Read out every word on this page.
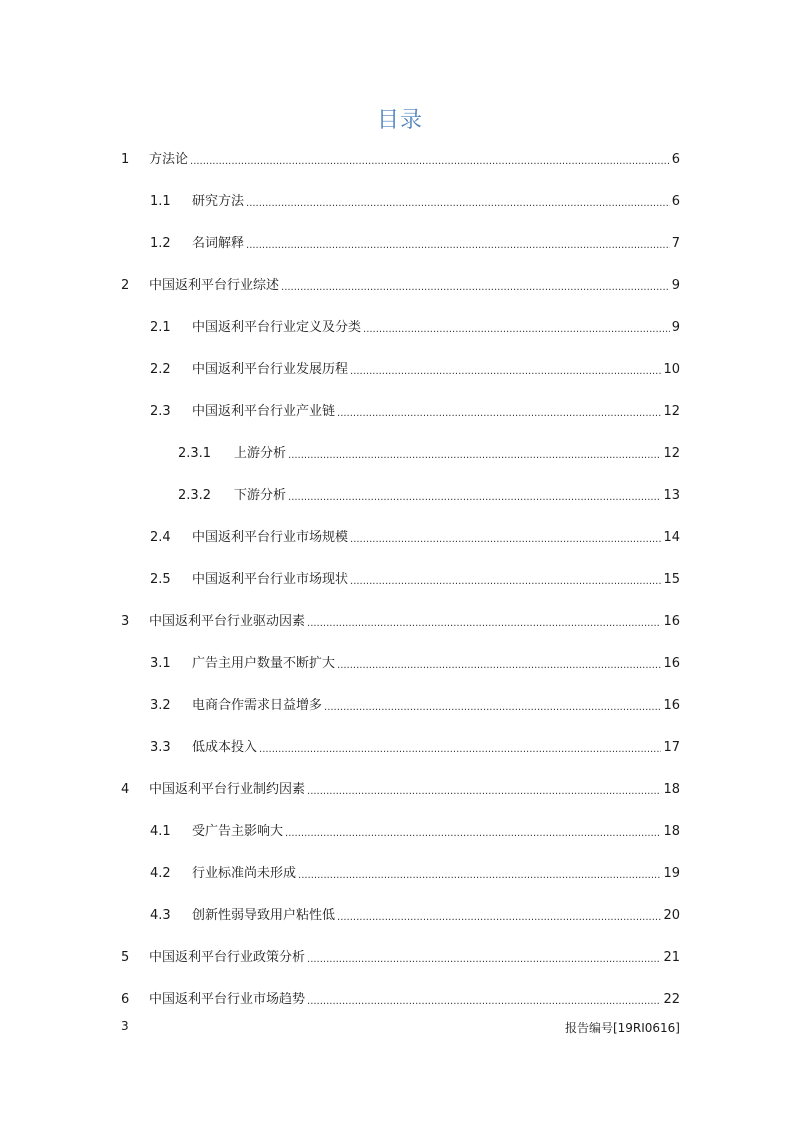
目录
1	方法论 .....	6
1.1	研究方法 .....	6
1.2	名词解释 .....	7
2	中国返利平台行业综述 .....	9
2.1	中国返利平台行业定义及分类 .....	9
2.2	中国返利平台行业发展历程 .....	10
2.3	中国返利平台行业产业链 .....	12
2.3.1	上游分析 .....	12
2.3.2	下游分析 .....	13
2.4	中国返利平台行业市场规模 .....	14
2.5	中国返利平台行业市场现状 .....	15
3	中国返利平台行业驱动因素 .....	16
3.1	广告主用户数量不断扩大 .....	16
3.2	电商合作需求日益增多 .....	16
3.3	低成本投入 .....	17
4	中国返利平台行业制约因素 .....	18
4.1	受广告主影响大 .....	18
4.2	行业标准尚未形成 .....	19
4.3	创新性弱导致用户粘性低 .....	20
5	中国返利平台行业政策分析 .....	21
6	中国返利平台行业市场趋势 .....	22
3	报告编号[19RI0616]
